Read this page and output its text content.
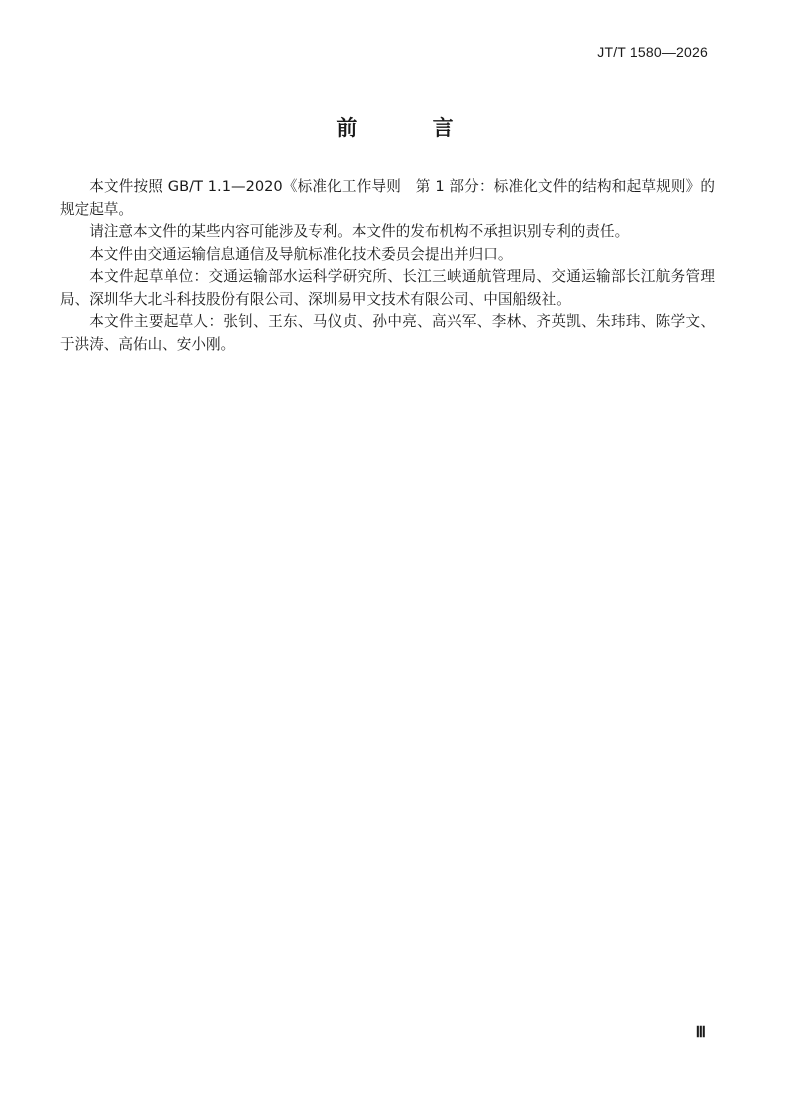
JT/T 1580—2026
前 言

本文件按照 GB/T 1.1—2020《标准化工作导则　第 1 部分：标准化文件的结构和起草规则》的规定起草。

请注意本文件的某些内容可能涉及专利。本文件的发布机构不承担识别专利的责任。

本文件由交通运输信息通信及导航标准化技术委员会提出并归口。

本文件起草单位：交通运输部水运科学研究所、长江三峡通航管理局、交通运输部长江航务管理局、深圳华大北斗科技股份有限公司、深圳易甲文技术有限公司、中国船级社。

本文件主要起草人：张钊、王东、马仪贞、孙中亮、高兴军、李林、齐英凯、朱玮玮、陈学文、于洪涛、高佑山、安小刚。

Ⅲ
